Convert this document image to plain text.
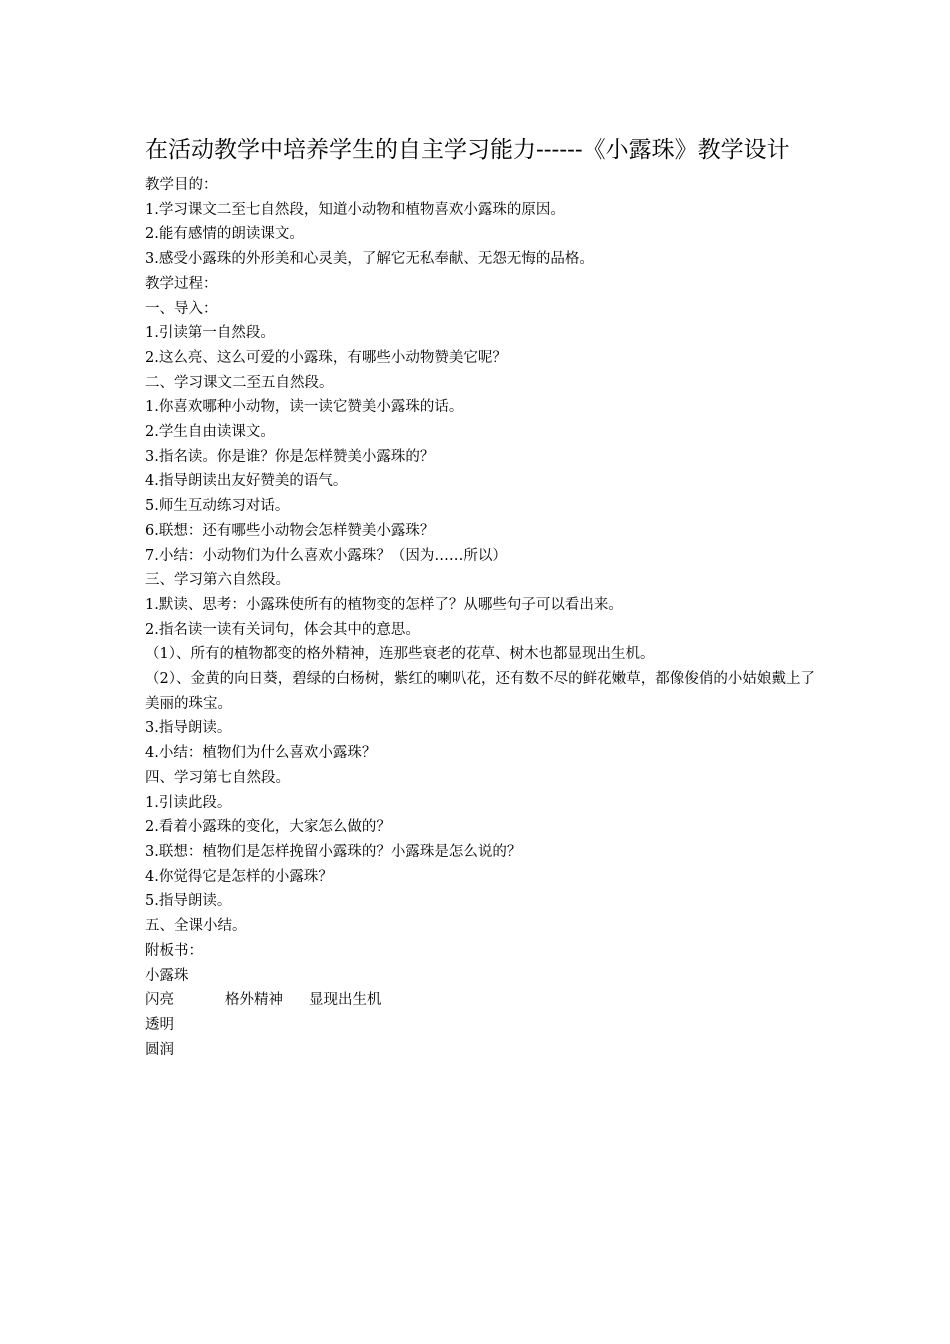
在活动教学中培养学生的自主学习能力------《小露珠》教学设计
教学目的：
1.学习课文二至七自然段，知道小动物和植物喜欢小露珠的原因。
2.能有感情的朗读课文。
3.感受小露珠的外形美和心灵美，了解它无私奉献、无怨无悔的品格。
教学过程：
一、导入：
1.引读第一自然段。
2.这么亮、这么可爱的小露珠，有哪些小动物赞美它呢？
二、学习课文二至五自然段。
1.你喜欢哪种小动物，读一读它赞美小露珠的话。
2.学生自由读课文。
3.指名读。你是谁？你是怎样赞美小露珠的？
4.指导朗读出友好赞美的语气。
5.师生互动练习对话。
6.联想：还有哪些小动物会怎样赞美小露珠？
7.小结：小动物们为什么喜欢小露珠？（因为……所以）
三、学习第六自然段。
1.默读、思考：小露珠使所有的植物变的怎样了？从哪些句子可以看出来。
2.指名读一读有关词句，体会其中的意思。
（1）、所有的植物都变的格外精神，连那些衰老的花草、树木也都显现出生机。
（2）、金黄的向日葵，碧绿的白杨树，紫红的喇叭花，还有数不尽的鲜花嫩草，都像俊俏的小姑娘戴上了美丽的珠宝。
3.指导朗读。
4.小结：植物们为什么喜欢小露珠？
四、学习第七自然段。
1.引读此段。
2.看着小露珠的变化，大家怎么做的？
3.联想：植物们是怎样挽留小露珠的？小露珠是怎么说的？
4.你觉得它是怎样的小露珠？
5.指导朗读。
五、全课小结。
附板书：
小露珠
闪亮	格外精神 显现出生机
透明
圆润
